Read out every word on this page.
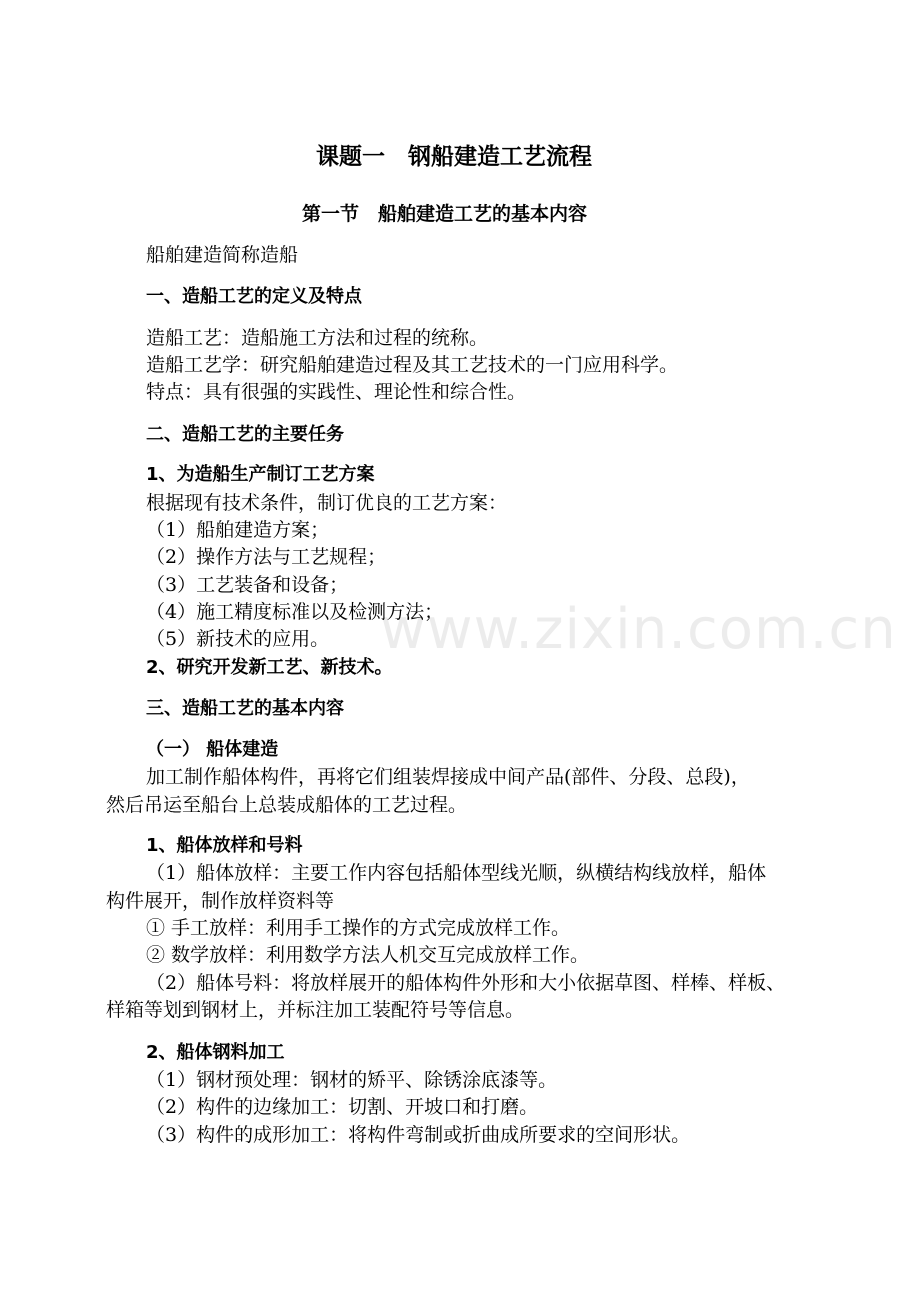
www.zixin.com.cn
课题一　钢船建造工艺流程
第一节　船舶建造工艺的基本内容
船舶建造简称造船
一、造船工艺的定义及特点
造船工艺：造船施工方法和过程的统称。
造船工艺学：研究船舶建造过程及其工艺技术的一门应用科学。
特点：具有很强的实践性、理论性和综合性。
二、造船工艺的主要任务
1、为造船生产制订工艺方案
根据现有技术条件，制订优良的工艺方案：
（1）船舶建造方案；
（2）操作方法与工艺规程；
（3）工艺装备和设备；
（4）施工精度标准以及检测方法；
（5）新技术的应用。
2、研究开发新工艺、新技术。
三、造船工艺的基本内容
（一） 船体建造
加工制作船体构件，再将它们组装焊接成中间产品(部件、分段、总段)，
然后吊运至船台上总装成船体的工艺过程。
1、船体放样和号料
（1）船体放样：主要工作内容包括船体型线光顺，纵横结构线放样，船体
构件展开，制作放样资料等
① 手工放样：利用手工操作的方式完成放样工作。
② 数学放样：利用数学方法人机交互完成放样工作。
（2）船体号料：将放样展开的船体构件外形和大小依据草图、样棒、样板、
样箱等划到钢材上，并标注加工装配符号等信息。
2、船体钢料加工
（1）钢材预处理：钢材的矫平、除锈涂底漆等。
（2）构件的边缘加工：切割、开坡口和打磨。
（3）构件的成形加工：将构件弯制或折曲成所要求的空间形状。
